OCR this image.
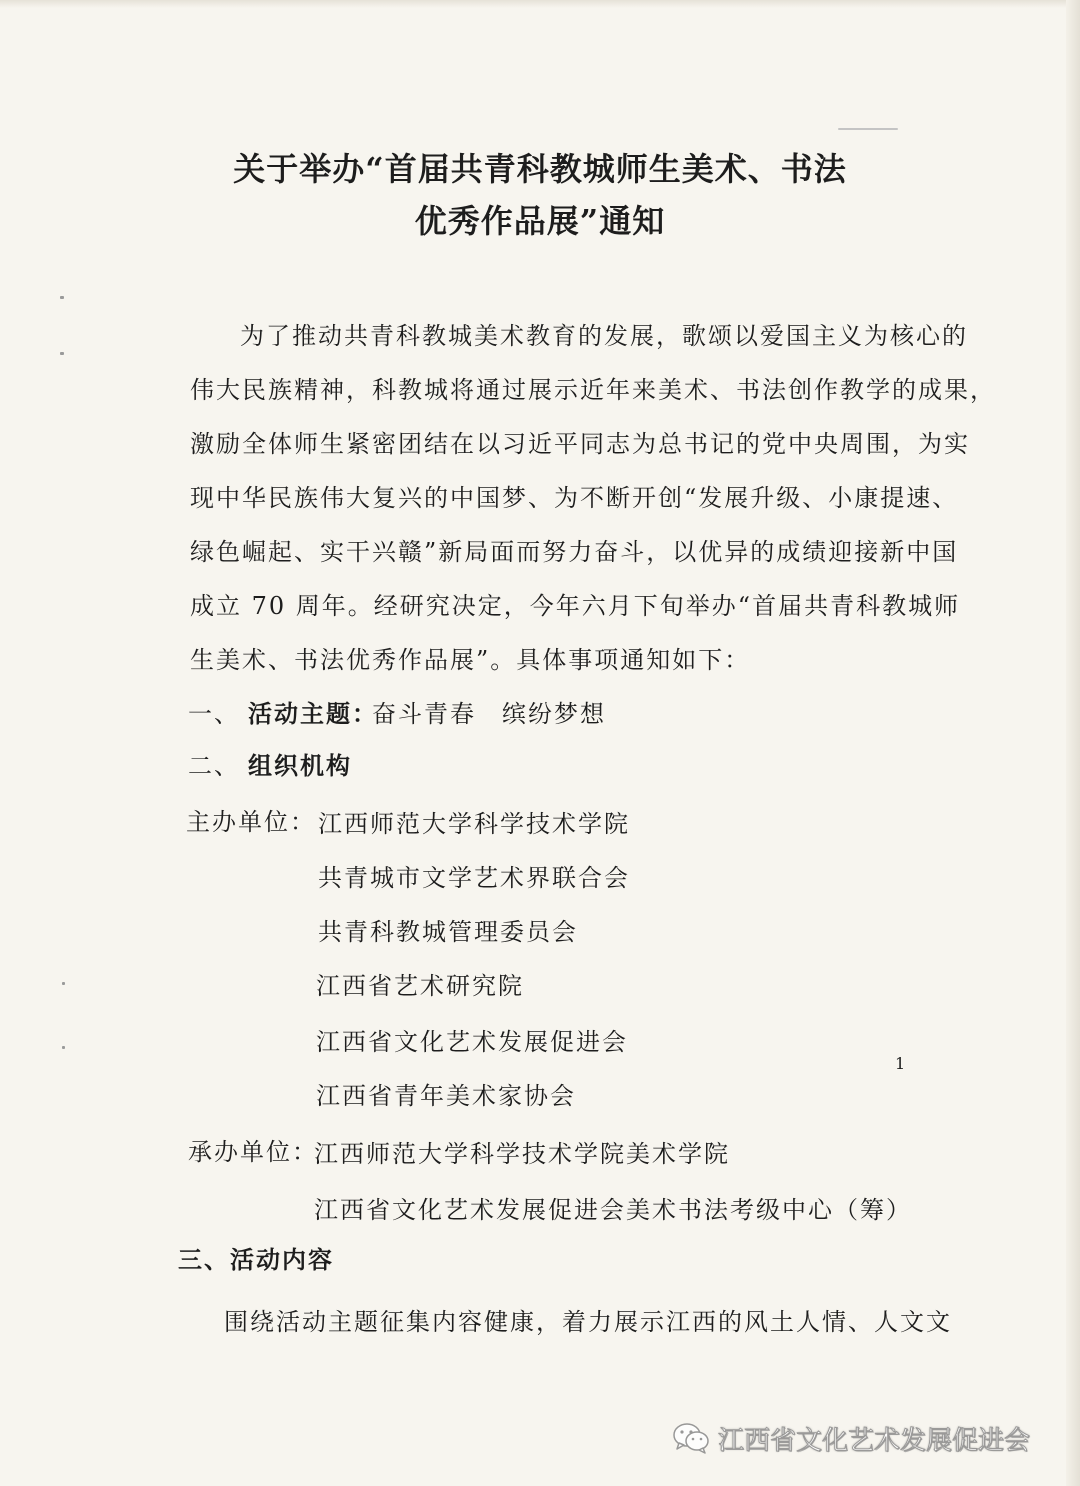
关于举办“首届共青科教城师生美术、书法
优秀作品展”通知
为了推动共青科教城美术教育的发展，歌颂以爱国主义为核心的
伟大民族精神，科教城将通过展示近年来美术、书法创作教学的成果，
激励全体师生紧密团结在以习近平同志为总书记的党中央周围，为实
现中华民族伟大复兴的中国梦、为不断开创“发展升级、小康提速、
绿色崛起、实干兴赣”新局面而努力奋斗，以优异的成绩迎接新中国
成立 70 周年。经研究决定，今年六月下旬举办“首届共青科教城师
生美术、书法优秀作品展”。具体事项通知如下：
一、 活动主题：
奋斗青春　缤纷梦想
二、 组织机构
主办单位： 江西师范大学科学技术学院
共青城市文学艺术界联合会
共青科教城管理委员会
江西省艺术研究院
江西省文化艺术发展促进会
江西省青年美术家协会
承办单位：
江西师范大学科学技术学院美术学院
江西省文化艺术发展促进会美术书法考级中心（筹）
三、活动内容
围绕活动主题征集内容健康，着力展示江西的风土人情、人文文
1
江西省文化艺术发展促进会
